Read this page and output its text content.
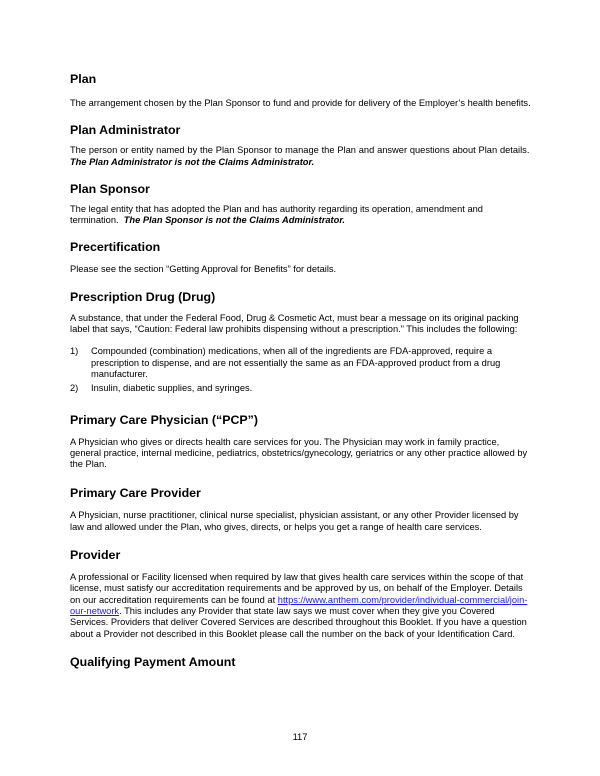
Plan

The arrangement chosen by the Plan Sponsor to fund and provide for delivery of the Employer’s health benefits.

Plan Administrator

The person or entity named by the Plan Sponsor to manage the Plan and answer questions about Plan details.  The Plan Administrator is not the Claims Administrator.

Plan Sponsor

The legal entity that has adopted the Plan and has authority regarding its operation, amendment and termination. The Plan Sponsor is not the Claims Administrator.

Precertification

Please see the section “Getting Approval for Benefits” for details.

Prescription Drug (Drug)

A substance, that under the Federal Food, Drug & Cosmetic Act, must bear a message on its original packing label that says, “Caution: Federal law prohibits dispensing without a prescription.” This includes the following:

1) Compounded (combination) medications, when all of the ingredients are FDA-approved, require a prescription to dispense, and are not essentially the same as an FDA-approved product from a drug manufacturer.
2) Insulin, diabetic supplies, and syringes.
Primary Care Physician (“PCP”)

A Physician who gives or directs health care services for you. The Physician may work in family practice, general practice, internal medicine, pediatrics, obstetrics/gynecology, geriatrics or any other practice allowed by the Plan.

Primary Care Provider

A Physician, nurse practitioner, clinical nurse specialist, physician assistant, or any other Provider licensed by law and allowed under the Plan, who gives, directs, or helps you get a range of health care services.

Provider

A professional or Facility licensed when required by law that gives health care services within the scope of that license, must satisfy our accreditation requirements and be approved by us, on behalf of the Employer. Details on our accreditation requirements can be found at https://www.anthem.com/provider/individual-commercial/join-our-network. This includes any Provider that state law says we must cover when they give you Covered Services. Providers that deliver Covered Services are described throughout this Booklet. If you have a question about a Provider not described in this Booklet please call the number on the back of your Identification Card.

Qualifying Payment Amount
117
